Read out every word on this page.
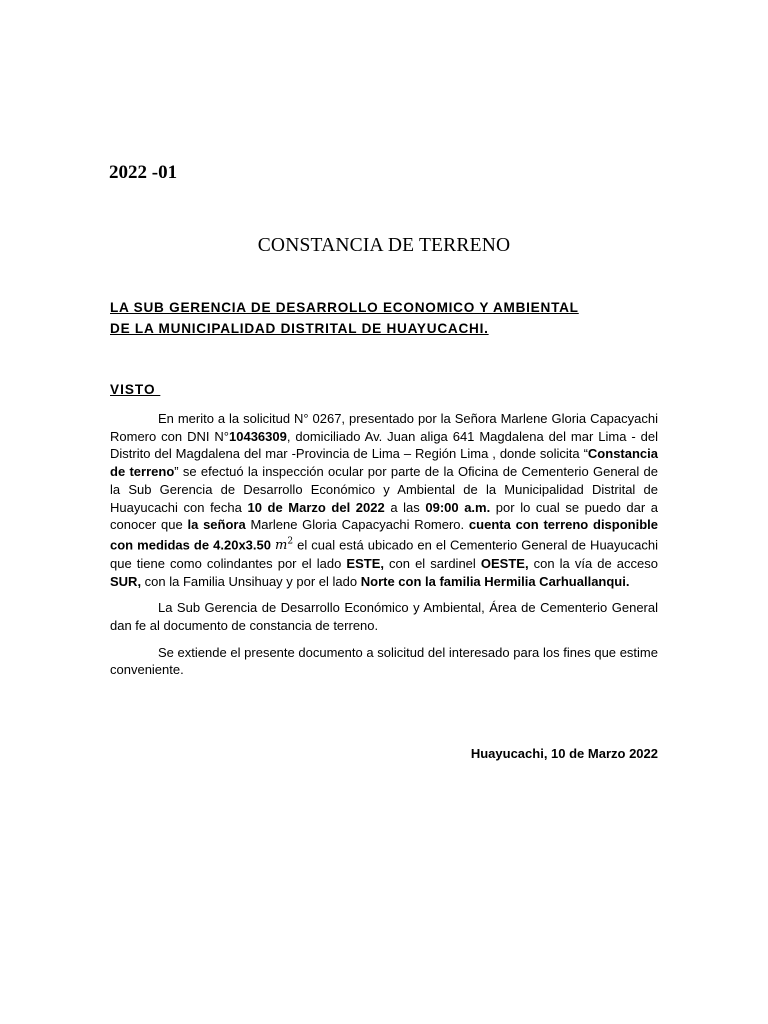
2022 -01
CONSTANCIA DE TERRENO
LA SUB GERENCIA DE DESARROLLO ECONOMICO Y AMBIENTAL
DE LA MUNICIPALIDAD DISTRITAL DE HUAYUCACHI.
VISTO

En merito a la solicitud N° 0267, presentado por la Señora Marlene Gloria Capacyachi Romero con DNI N°10436309, domiciliado Av. Juan aliga 641 Magdalena del mar Lima - del Distrito del Magdalena del mar -Provincia de Lima – Región Lima , donde solicita “Constancia de terreno” se efectuó la inspección ocular por parte de la Oficina de Cementerio General de la Sub Gerencia de Desarrollo Económico y Ambiental de la Municipalidad Distrital de Huayucachi con fecha 10 de Marzo del 2022 a las 09:00 a.m. por lo cual se puedo dar a conocer que la señora Marlene Gloria Capacyachi Romero. cuenta con terreno disponible con medidas de 4.20x3.50 $m^2$ el cual está ubicado en el Cementerio General de Huayucachi que tiene como colindantes por el lado ESTE, con el sardinel OESTE, con la vía de acceso SUR, con la Familia Unsihuay y por el lado Norte con la familia Hermilia Carhuallanqui.

La Sub Gerencia de Desarrollo Económico y Ambiental, Área de Cementerio General dan fe al documento de constancia de terreno.

Se extiende el presente documento a solicitud del interesado para los fines que estime conveniente.

Huayucachi, 10 de Marzo 2022
